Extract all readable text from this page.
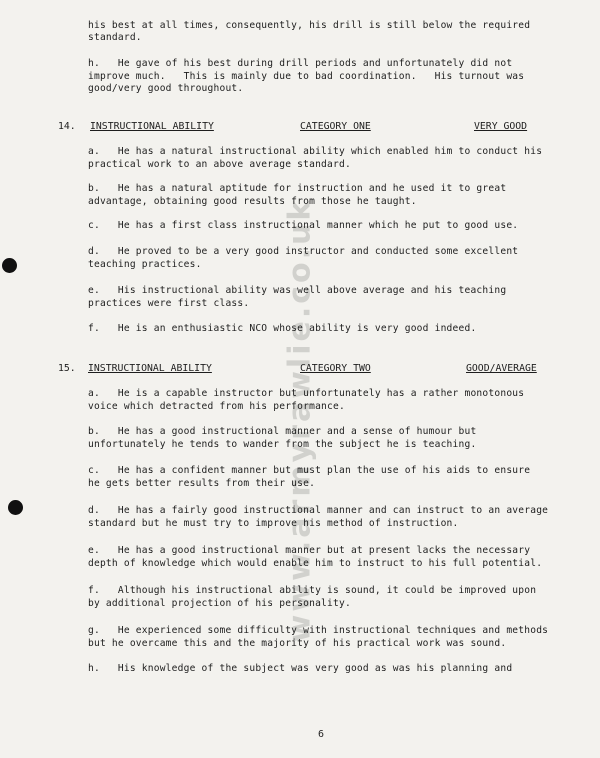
www.armyrawlie.co.uk

his best at all times, consequently, his drill is still below the required

standard.

h.   He gave of his best during drill periods and unfortunately did not
improve much.   This is mainly due to bad coordination.   His turnout was
good/very good throughout.

14. INSTRUCTIONAL ABILITY	CATEGORY ONE	VERY GOOD

a.   He has a natural instructional ability which enabled him to conduct his
practical work to an above average standard.

b.   He has a natural aptitude for instruction and he used it to great
advantage, obtaining good results from those he taught.

c.   He has a first class instructional manner which he put to good use.

d.   He proved to be a very good instructor and conducted some excellent
teaching practices.

e.   His instructional ability was well above average and his teaching
practices were first class.

f.   He is an enthusiastic NCO whose ability is very good indeed.

15. INSTRUCTIONAL ABILITY	CATEGORY TWO	GOOD/AVERAGE

a.   He is a capable instructor but unfortunately has a rather monotonous
voice which detracted from his performance.

b.   He has a good instructional manner and a sense of humour but
unfortunately he tends to wander from the subject he is teaching.

c.   He has a confident manner but must plan the use of his aids to ensure
he gets better results from their use.

d.   He has a fairly good instructional manner and can instruct to an average
standard but he must try to improve his method of instruction.

e.   He has a good instructional manner but at present lacks the necessary
depth of knowledge which would enable him to instruct to his full potential.

f.   Although his instructional ability is sound, it could be improved upon
by additional projection of his personality.

g.   He experienced some difficulty with instructional techniques and methods
but he overcame this and the majority of his practical work was sound.

h.   His knowledge of the subject was very good as was his planning and

6
